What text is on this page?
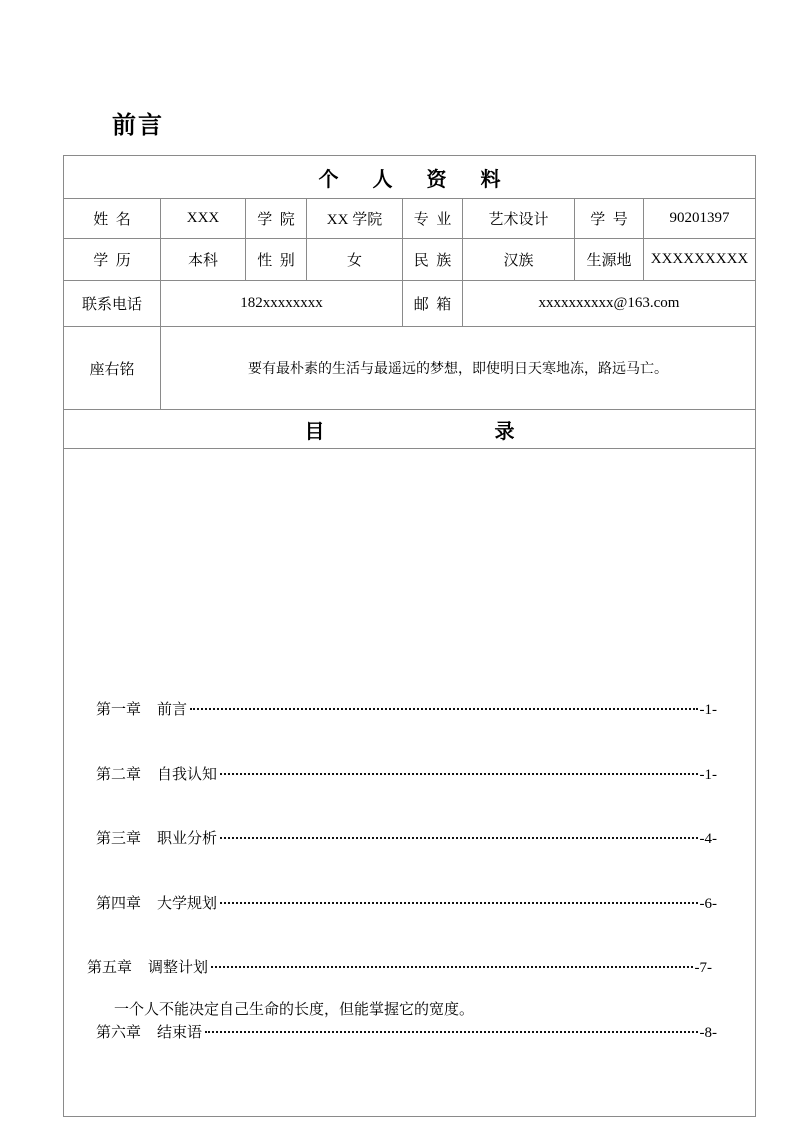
前言
个人资料							
姓  名	XXX	学  院	XX 学院	专  业	艺术设计	学  号	90201397
学  历	本科	性  别	女	民  族	汉族	生源地	XXXXXXXXX
联系电话	182xxxxxxxx			邮  箱	xxxxxxxxxx@163.com		
座右铭	要有最朴素的生活与最遥远的梦想，即使明日天寒地冻，路远马亡。						
目录							

第一章 前言	-1-

第二章 自我认知	-1-

第三章 职业分析	-4-

第四章 大学规划	-6-

第五章 调整计划	-7-

第六章 结束语	-8-

一个人不能决定自己生命的长度，但能掌握它的宽度。
